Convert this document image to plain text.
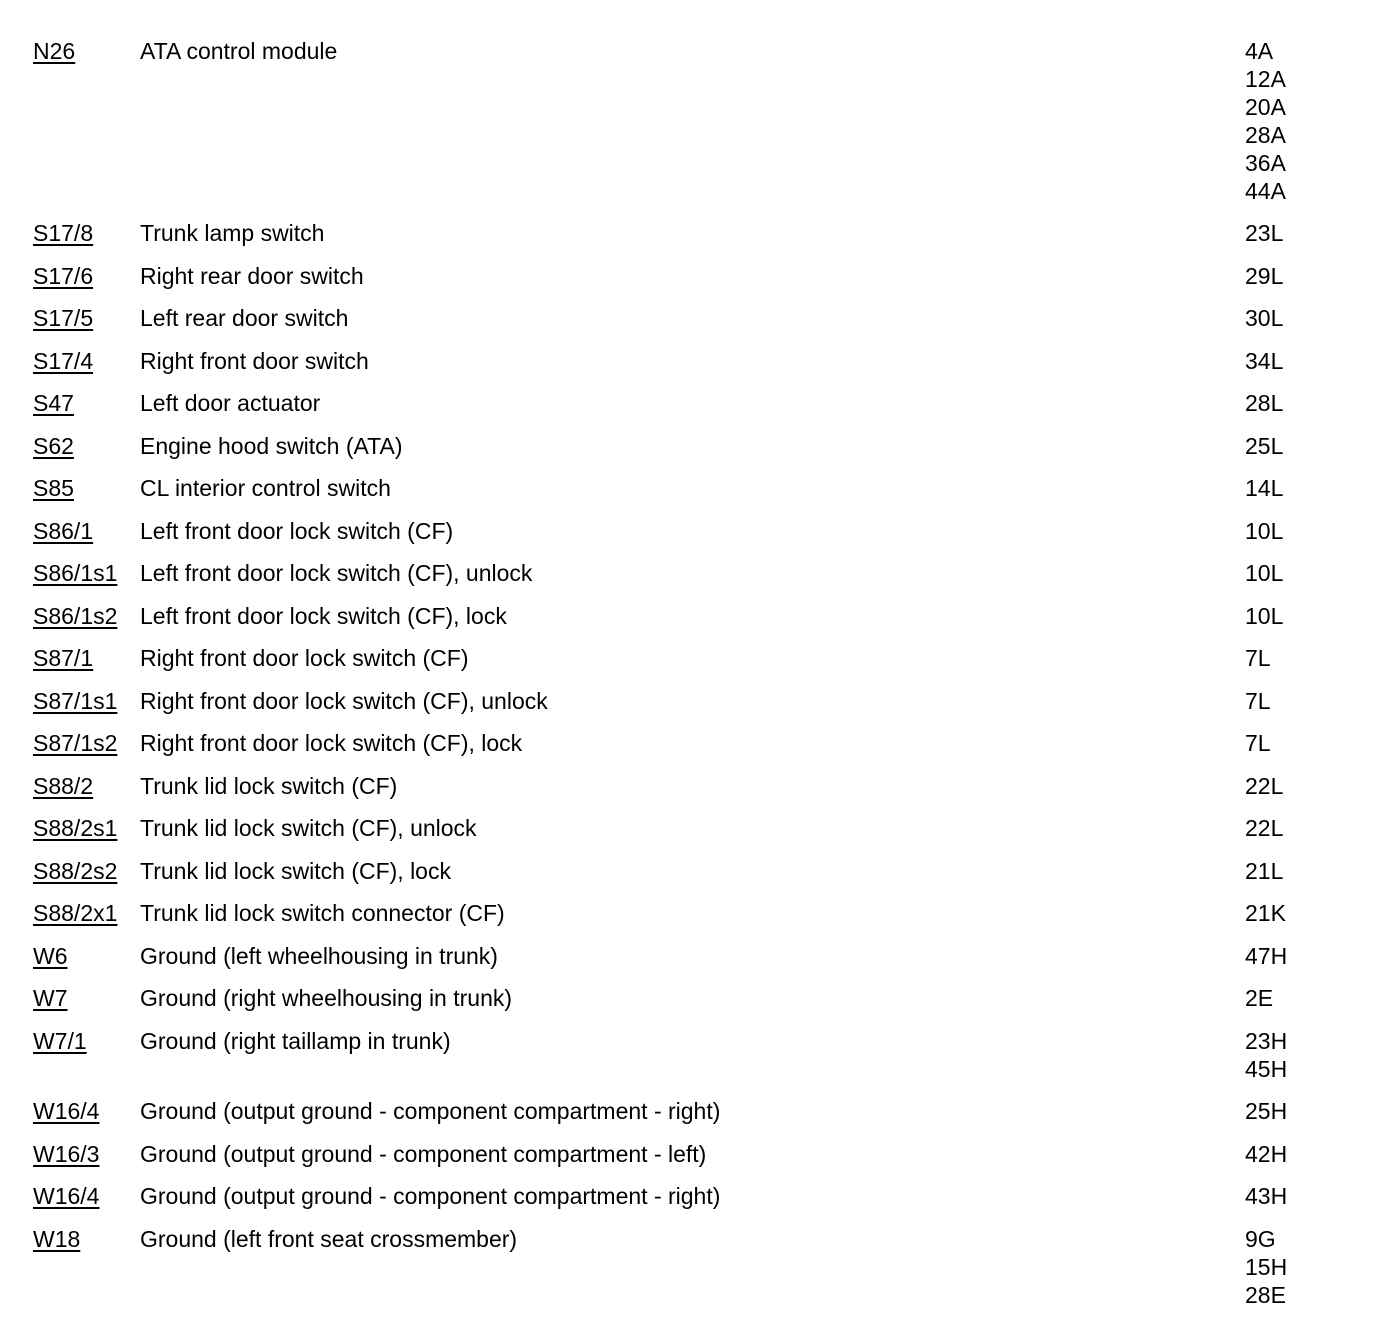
N26	ATA control module	4A
12A
20A
28A
36A
44A
S17/8 Trunk lamp switch	23L
S17/6 Right rear door switch	29L
S17/5 Left rear door switch	30L
S17/4 Right front door switch	34L
S47	Left door actuator	28L
S62	Engine hood switch (ATA)	25L
S85	CL interior control switch	14L
S86/1 Left front door lock switch (CF)	10L
S86/1s1 Left front door lock switch (CF), unlock	10L
S86/1s2 Left front door lock switch (CF), lock	10L
S87/1 Right front door lock switch (CF)	7L
S87/1s1 Right front door lock switch (CF), unlock	7L
S87/1s2 Right front door lock switch (CF), lock	7L
S88/2 Trunk lid lock switch (CF)	22L
S88/2s1 Trunk lid lock switch (CF), unlock	22L
S88/2s2 Trunk lid lock switch (CF), lock	21L
S88/2x1 Trunk lid lock switch connector (CF)	21K
W6	Ground (left wheelhousing in trunk)	47H
W7	Ground (right wheelhousing in trunk)	2E
W7/1 Ground (right taillamp in trunk)	23H
45H
W16/4 Ground (output ground - component compartment - right)	25H
W16/3 Ground (output ground - component compartment - left)	42H
W16/4 Ground (output ground - component compartment - right)	43H
W18	Ground (left front seat crossmember)	9G
15H
28E
